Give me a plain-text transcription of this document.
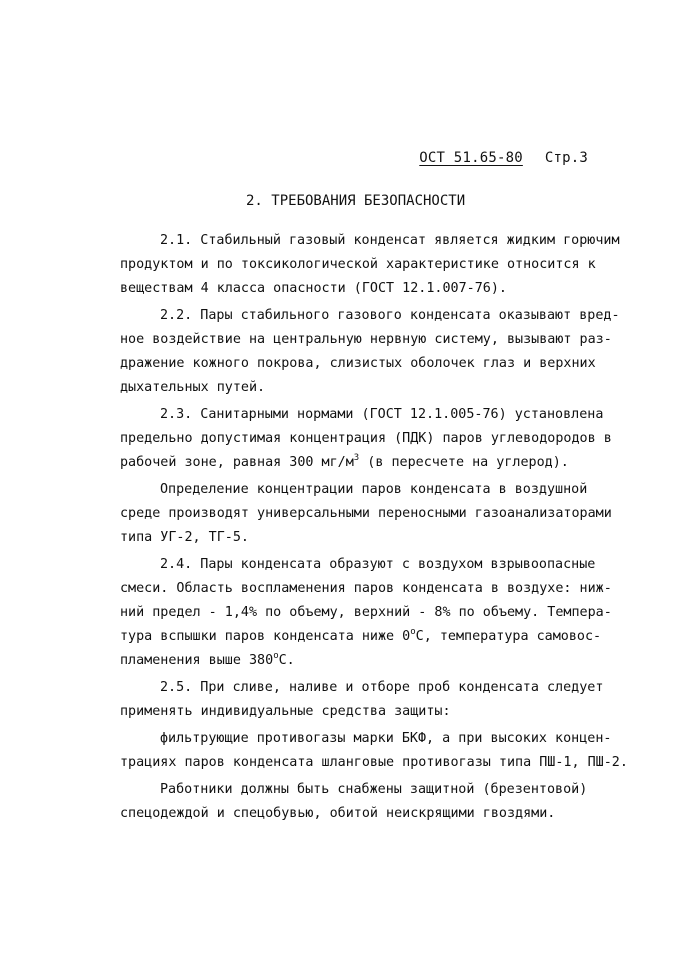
ОСТ 51.65-80 Стр.3
2. ТРЕБОВАНИЯ БЕЗОПАСНОСТИ
2.1. Стабильный газовый конденсат является жидким горючим
продуктом и по токсикологической характеристике относится к
веществам 4 класса опасности (ГОСТ 12.1.007-76).
2.2. Пары стабильного газового конденсата оказывают вред-
ное воздействие на центральную нервную систему, вызывают раз-
дражение кожного покрова, слизистых оболочек глаз и верхних
дыхательных путей.
2.3. Санитарными нормами (ГОСТ 12.1.005-76) установлена
предельно допустимая концентрация (ПДК) паров углеводородов в
рабочей зоне, равная 300 $мг/м^3$ (в пересчете на углерод).
Определение концентрации паров конденсата в воздушной
среде производят универсальными переносными газоанализаторами
типа УГ-2, ТГ-5.
2.4. Пары конденсата образуют с воздухом взрывоопасные
смеси. Область воспламенения паров конденсата в воздухе: ниж-
ний предел - 1,4% по объему, верхний - 8% по объему. Темпера-
тура вспышки паров конденсата ниже $0^оС$, температура самовос-
пламенения выше $380^оС$.
2.5. При сливе, наливе и отборе проб конденсата следует
применять индивидуальные средства защиты:
фильтрующие противогазы марки БКФ, а при высоких концен-
трациях паров конденсата шланговые противогазы типа ПШ-1, ПШ-2.
Работники должны быть снабжены защитной (брезентовой)
спецодеждой и спецобувью, обитой неискрящими гвоздями.
